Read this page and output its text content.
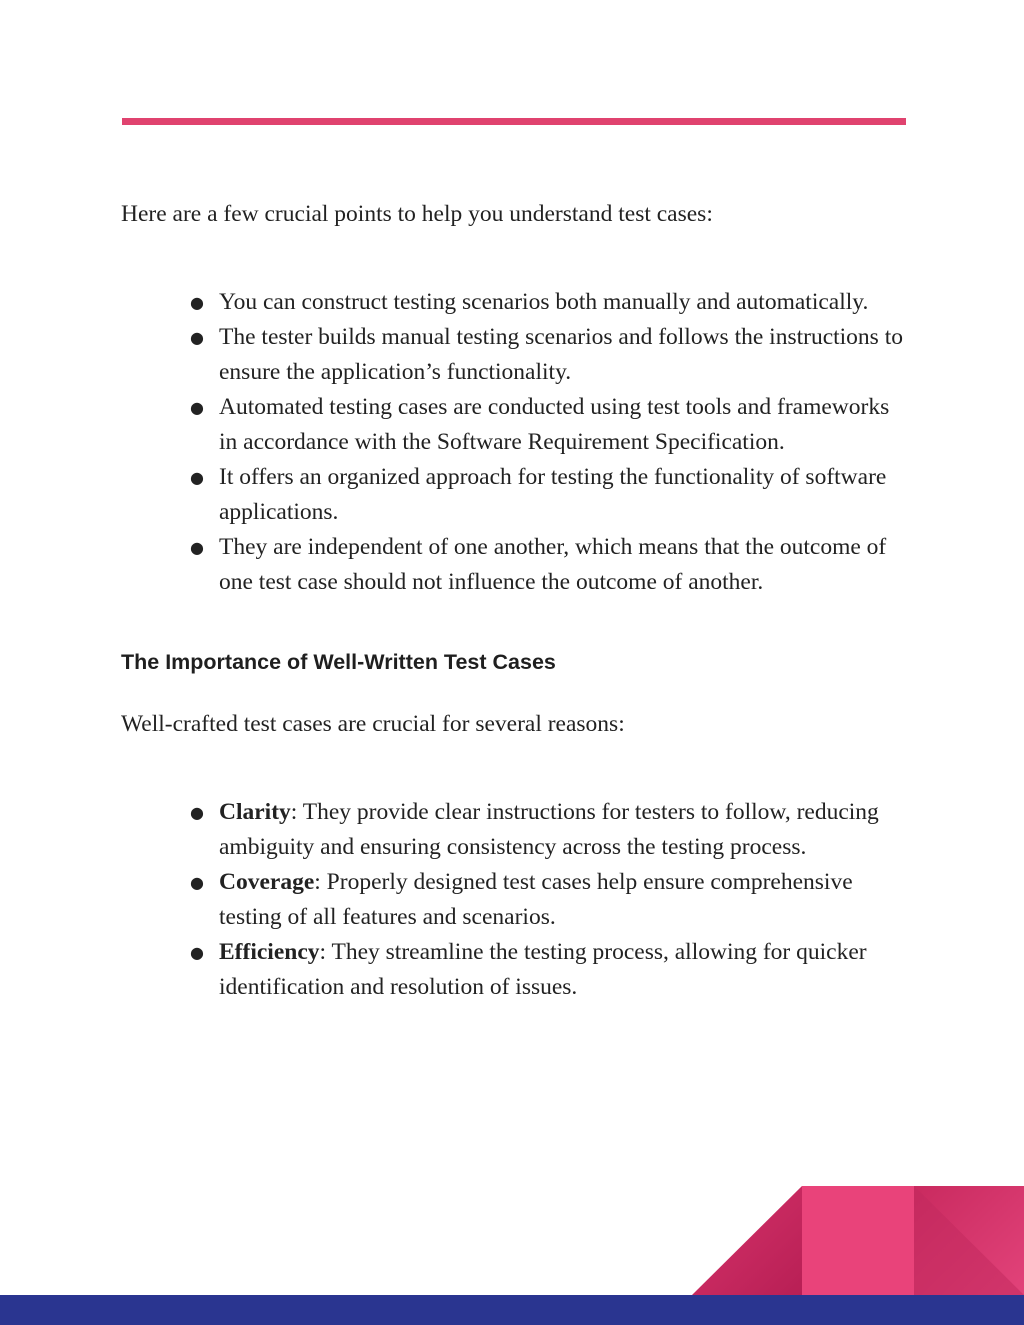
Here are a few crucial points to help you understand test cases:

● You can construct testing scenarios both manually and automatically.
● The tester builds manual testing scenarios and follows the instructions to ensure the application’s functionality.
● Automated testing cases are conducted using test tools and frameworks in accordance with the Software Requirement Specification.
● It offers an organized approach for testing the functionality of software applications.
● They are independent of one another, which means that the outcome of one test case should not influence the outcome of another.
The Importance of Well-Written Test Cases

Well-crafted test cases are crucial for several reasons:

● Clarity: They provide clear instructions for testers to follow, reducing ambiguity and ensuring consistency across the testing process.
● Coverage: Properly designed test cases help ensure comprehensive testing of all features and scenarios.
● Efficiency: They streamline the testing process, allowing for quicker identification and resolution of issues.
